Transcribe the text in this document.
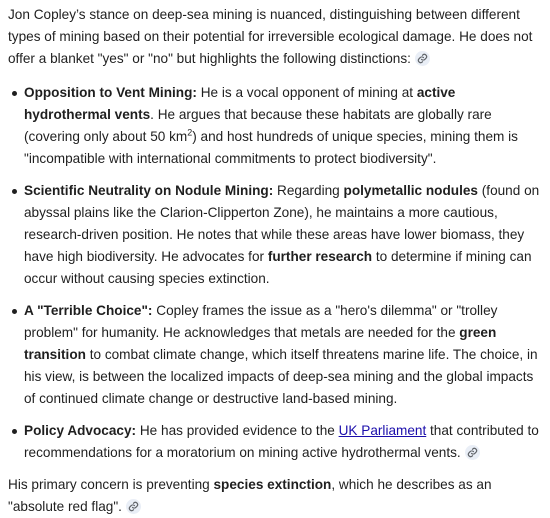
Jon Copley’s stance on deep-sea mining is nuanced, distinguishing between different types of mining based on their potential for irreversible ecological damage. He does not offer a blanket "yes" or "no" but highlights the following distinctions:

Opposition to Vent Mining: He is a vocal opponent of mining at active hydrothermal vents. He argues that because these habitats are globally rare (covering only about 50 $km^2$) and host hundreds of unique species, mining them is "incompatible with international commitments to protect biodiversity".
Scientific Neutrality on Nodule Mining: Regarding polymetallic nodules (found on abyssal plains like the Clarion-Clipperton Zone), he maintains a more cautious, research-driven position. He notes that while these areas have lower biomass, they have high biodiversity. He advocates for further research to determine if mining can occur without causing species extinction.
A "Terrible Choice": Copley frames the issue as a "hero's dilemma" or "trolley problem" for humanity. He acknowledges that metals are needed for the green transition to combat climate change, which itself threatens marine life. The choice, in his view, is between the localized impacts of deep-sea mining and the global impacts of continued climate change or destructive land-based mining.
Policy Advocacy: He has provided evidence to the UK Parliament that contributed to recommendations for a moratorium on mining active hydrothermal vents.

His primary concern is preventing species extinction, which he describes as an "absolute red flag".
